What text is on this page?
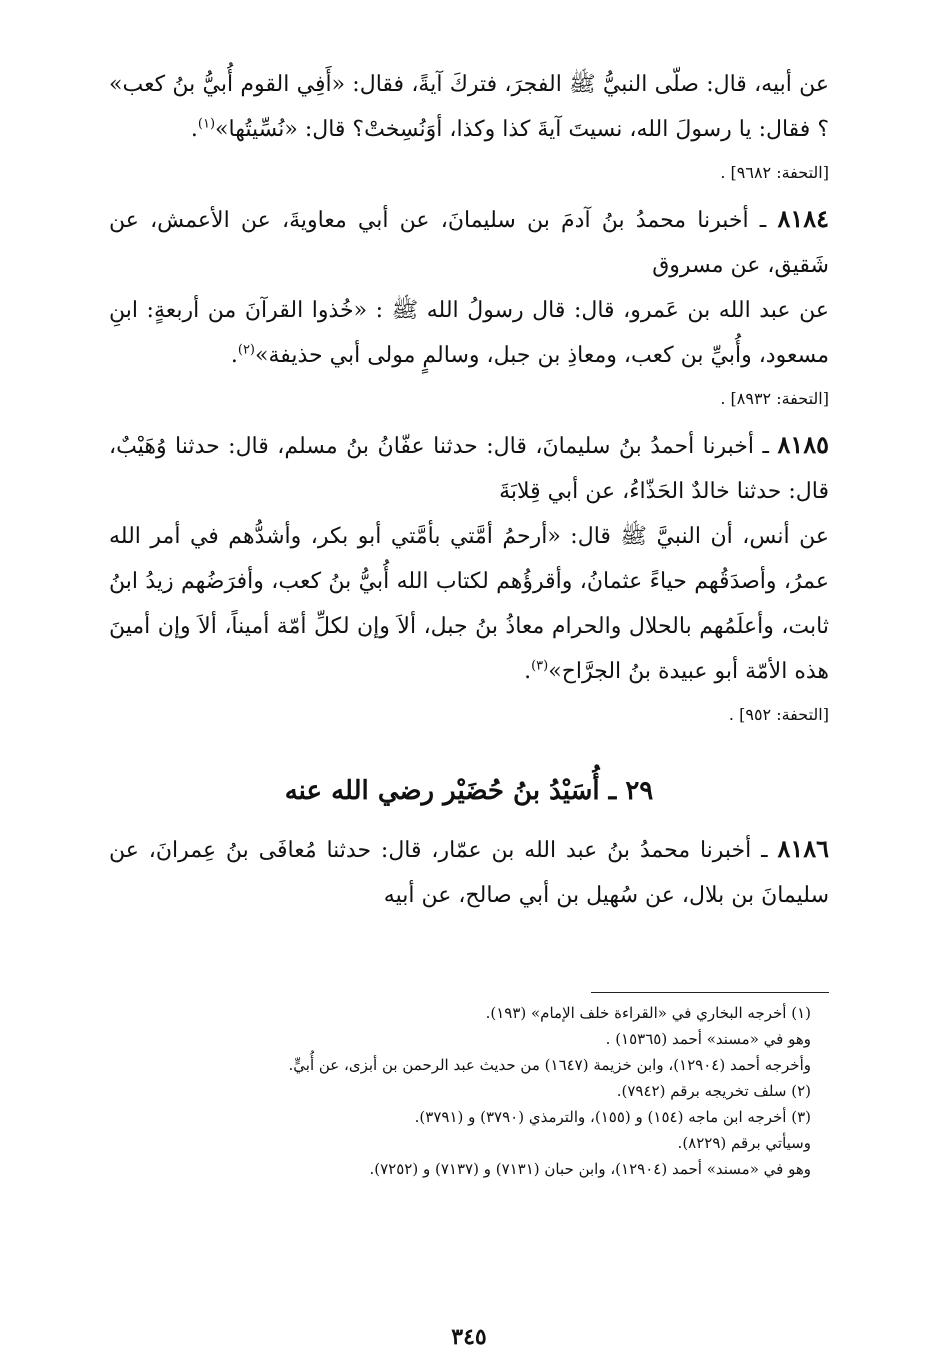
عن أبيه، قال: صلّى النبيُّ ﷺ الفجرَ، فتركَ آيةً، فقال: «أَفِي القوم أُبيُّ بنُ كعب» ؟ فقال: يا رسولَ الله، نسيتَ آيةَ كذا وكذا، أوَنُسِختْ؟ قال: «نُسِّيتُها»$^{(١)}$.

[التحفة: ٩٦٨٢] .

٨١٨٤ ـ أخبرنا محمدُ بنُ آدمَ بن سليمانَ، عن أبي معاويةَ، عن الأعمش، عن شَقيق، عن مسروق

عن عبد الله بن عَمرو، قال: قال رسولُ الله ﷺ : «خُذوا القرآنَ من أربعةٍ: ابنِ مسعود، وأُبيِّ بن كعب، ومعاذِ بن جبل، وسالمٍ مولى أبي حذيفة»$^{(٢)}$.

[التحفة: ٨٩٣٢] .

٨١٨٥ ـ أخبرنا أحمدُ بنُ سليمانَ، قال: حدثنا عفّانُ بنُ مسلم، قال: حدثنا وُهَيْبٌ، قال: حدثنا خالدٌ الحَذّاءُ، عن أبي قِلابَةَ

عن أنس، أن النبيَّ ﷺ قال: «أرحمُ أمَّتي بأمَّتي أبو بكر، وأشدُّهم في أمر الله عمرُ، وأصدَقُهم حياءً عثمانُ، وأقرؤُهم لكتاب الله أُبيُّ بنُ كعب، وأفرَضُهم زيدُ ابنُ ثابت، وأعلَمُهم بالحلال والحرام معاذُ بنُ جبل، ألاَ وإن لكلِّ أمّة أميناً، ألاَ وإن أمينَ هذه الأمّة أبو عبيدة بنُ الجرَّاح»$^{(٣)}$.

[التحفة: ٩٥٢] .
٢٩ ـ أُسَيْدُ بنُ حُضَيْر رضي الله عنه

٨١٨٦ ـ أخبرنا محمدُ بنُ عبد الله بن عمّار، قال: حدثنا مُعافَى بنُ عِمرانَ، عن سليمانَ بن بلال، عن سُهيل بن أبي صالح، عن أبيه

(١) أخرجه البخاري في «القراءة خلف الإمام» (١٩٣).

وهو في «مسند» أحمد (١٥٣٦٥) .

وأخرجه أحمد (١٢٩٠٤)، وابن خزيمة (١٦٤٧) من حديث عبد الرحمن بن أبزى، عن أُبيٍّ.

(٢) سلف تخريجه برقم (٧٩٤٢).

(٣) أخرجه ابن ماجه (١٥٤) و (١٥٥)، والترمذي (٣٧٩٠) و (٣٧٩١).

وسيأتي برقم (٨٢٢٩).

وهو في «مسند» أحمد (١٢٩٠٤)، وابن حبان (٧١٣١) و (٧١٣٧) و (٧٢٥٢).

٣٤٥
